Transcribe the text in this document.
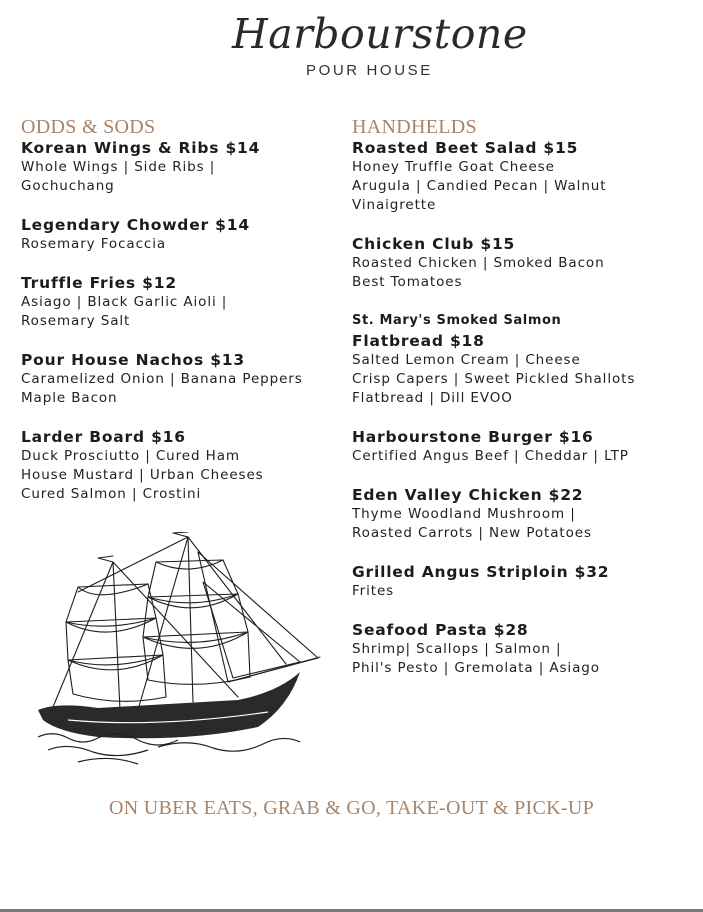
Harbourstone
POUR HOUSE
ODDS & SODS
Korean Wings & Ribs $14
Whole Wings | Side Ribs |
Gochuchang
Legendary Chowder $14
Rosemary Focaccia
Truffle Fries $12
Asiago | Black Garlic Aioli |
Rosemary Salt
Pour House Nachos $13
Caramelized Onion | Banana Peppers
Maple Bacon
Larder Board $16
Duck Prosciutto | Cured Ham
House Mustard | Urban Cheeses
Cured Salmon | Crostini
HANDHELDS
Roasted Beet Salad $15
Honey Truffle Goat Cheese
Arugula | Candied Pecan | Walnut
Vinaigrette
Chicken Club $15
Roasted Chicken | Smoked Bacon
Best Tomatoes
St. Mary's Smoked Salmon
Flatbread $18
Salted Lemon Cream | Cheese
Crisp Capers | Sweet Pickled Shallots
Flatbread | Dill EVOO
Harbourstone Burger $16
Certified Angus Beef | Cheddar | LTP
Eden Valley Chicken $22
Thyme Woodland Mushroom |
Roasted Carrots | New Potatoes
Grilled Angus Striploin $32
Frites
Seafood Pasta $28
Shrimp| Scallops | Salmon |
Phil's Pesto | Gremolata | Asiago
ON UBER EATS, GRAB & GO, TAKE-OUT & PICK-UP
